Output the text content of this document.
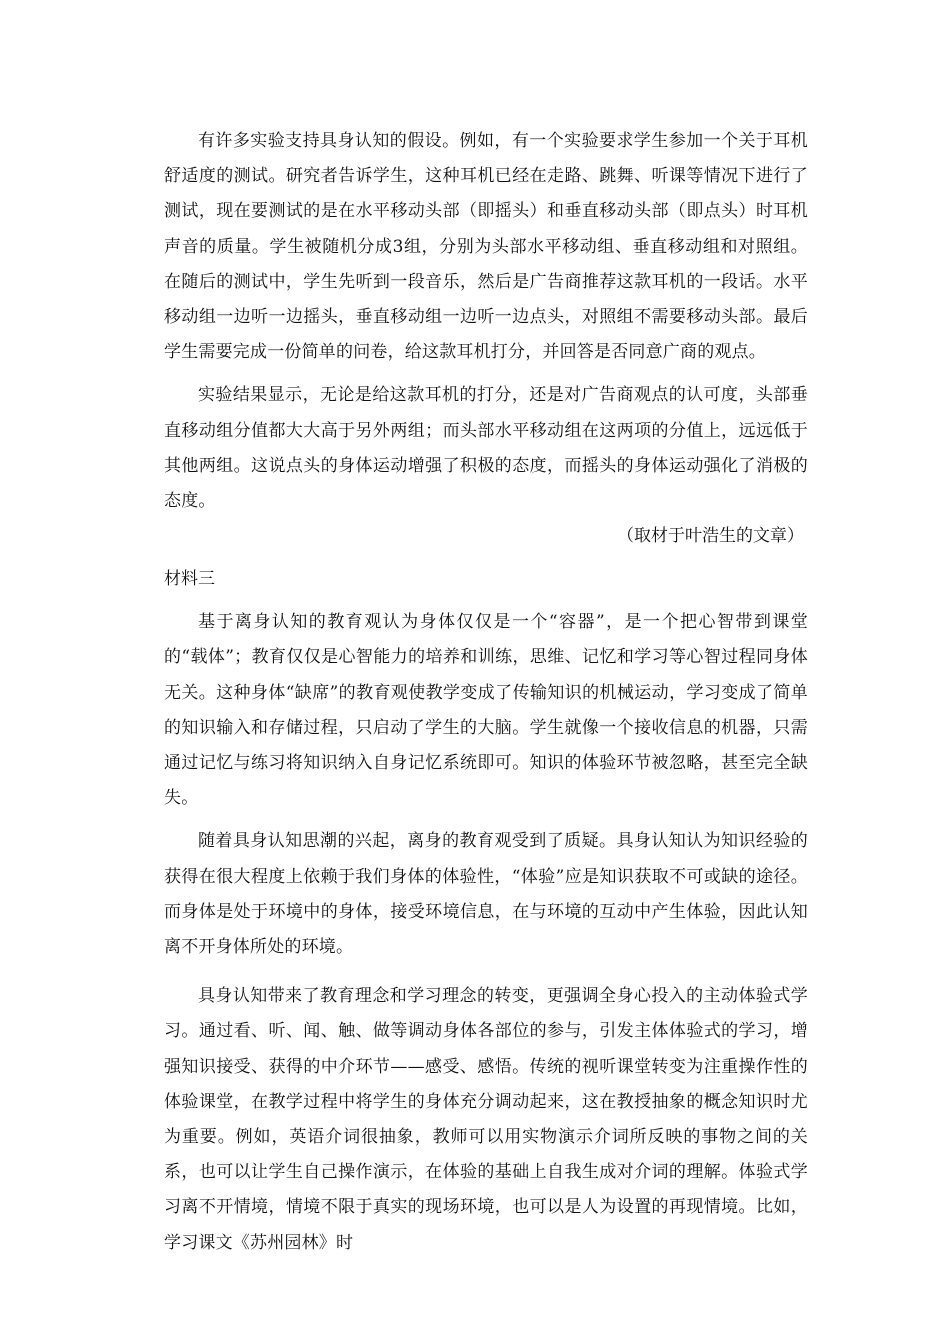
有许多实验支持具身认知的假设。例如，有一个实验要求学生参加一个关于耳机舒适度的测试。研究者告诉学生，这种耳机已经在走路、跳舞、听课等情况下进行了测试，现在要测试的是在水平移动头部（即摇头）和垂直移动头部（即点头）时耳机声音的质量。学生被随机分成3组，分别为头部水平移动组、垂直移动组和对照组。在随后的测试中，学生先听到一段音乐，然后是广告商推荐这款耳机的一段话。水平移动组一边听一边摇头，垂直移动组一边听一边点头，对照组不需要移动头部。最后学生需要完成一份简单的问卷，给这款耳机打分，并回答是否同意广商的观点。

实验结果显示，无论是给这款耳机的打分，还是对广告商观点的认可度，头部垂直移动组分值都大大高于另外两组；而头部水平移动组在这两项的分值上，远远低于其他两组。这说点头的身体运动增强了积极的态度，而摇头的身体运动强化了消极的态度。

（取材于叶浩生的文章）

材料三

基于离身认知的教育观认为身体仅仅是一个“容器”，是一个把心智带到课堂的“载体”；教育仅仅是心智能力的培养和训练，思维、记忆和学习等心智过程同身体无关。这种身体“缺席”的教育观使教学变成了传输知识的机械运动，学习变成了简单的知识输入和存储过程，只启动了学生的大脑。学生就像一个接收信息的机器，只需通过记忆与练习将知识纳入自身记忆系统即可。知识的体验环节被忽略，甚至完全缺失。

随着具身认知思潮的兴起，离身的教育观受到了质疑。具身认知认为知识经验的获得在很大程度上依赖于我们身体的体验性，“体验”应是知识获取不可或缺的途径。而身体是处于环境中的身体，接受环境信息，在与环境的互动中产生体验，因此认知离不开身体所处的环境。

具身认知带来了教育理念和学习理念的转变，更强调全身心投入的主动体验式学习。通过看、听、闻、触、做等调动身体各部位的参与，引发主体体验式的学习，增强知识接受、获得的中介环节——感受、感悟。传统的视听课堂转变为注重操作性的体验课堂，在教学过程中将学生的身体充分调动起来，这在教授抽象的概念知识时尤为重要。例如，英语介词很抽象，教师可以用实物演示介词所反映的事物之间的关系，也可以让学生自己操作演示，在体验的基础上自我生成对介词的理解。体验式学习离不开情境，情境不限于真实的现场环境，也可以是人为设置的再现情境。比如，学习课文《苏州园林》时
